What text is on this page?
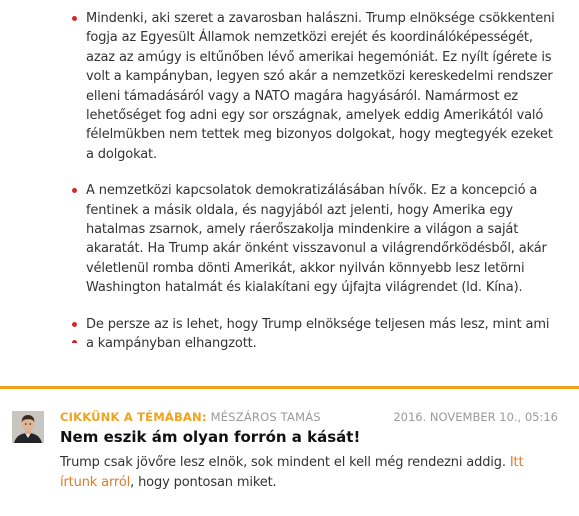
Mindenki, aki szeret a zavarosban halászni. Trump elnöksége csökkenteni fogja az Egyesült Államok nemzetközi erejét és koordinálóképességét, azaz az amúgy is eltűnőben lévő amerikai hegemóniát. Ez nyílt ígérete is volt a kampányban, legyen szó akár a nemzetközi kereskedelmi rendszer elleni támadásáról vagy a NATO magára hagyásáról. Namármost ez lehetőséget fog adni egy sor országnak, amelyek eddig Amerikától való félelmükben nem tettek meg bizonyos dolgokat, hogy megtegyék ezeket a dolgokat.
A nemzetközi kapcsolatok demokratizálásában hívők. Ez a koncepció a fentinek a másik oldala, és nagyjából azt jelenti, hogy Amerika egy hatalmas zsarnok, amely ráerőszakolja mindenkire a világon a saját akaratát. Ha Trump akár önként visszavonul a világrendőrködésből, akár véletlenül romba dönti Amerikát, akkor nyilván könnyebb lesz letörni Washington hatalmát és kialakítani egy újfajta világrendet (ld. Kína).
De persze az is lehet, hogy Trump elnöksége teljesen más lesz, mint ami a kampányban elhangzott.
CIKKÜNK A TÉMÁBAN: MÉSZÁROS TAMÁS	2016. NOVEMBER 10., 05:16
Nem eszik ám olyan forrón a kását!
Trump csak jövőre lesz elnök, sok mindent el kell még rendezni addig. Itt írtunk arról, hogy pontosan miket.
